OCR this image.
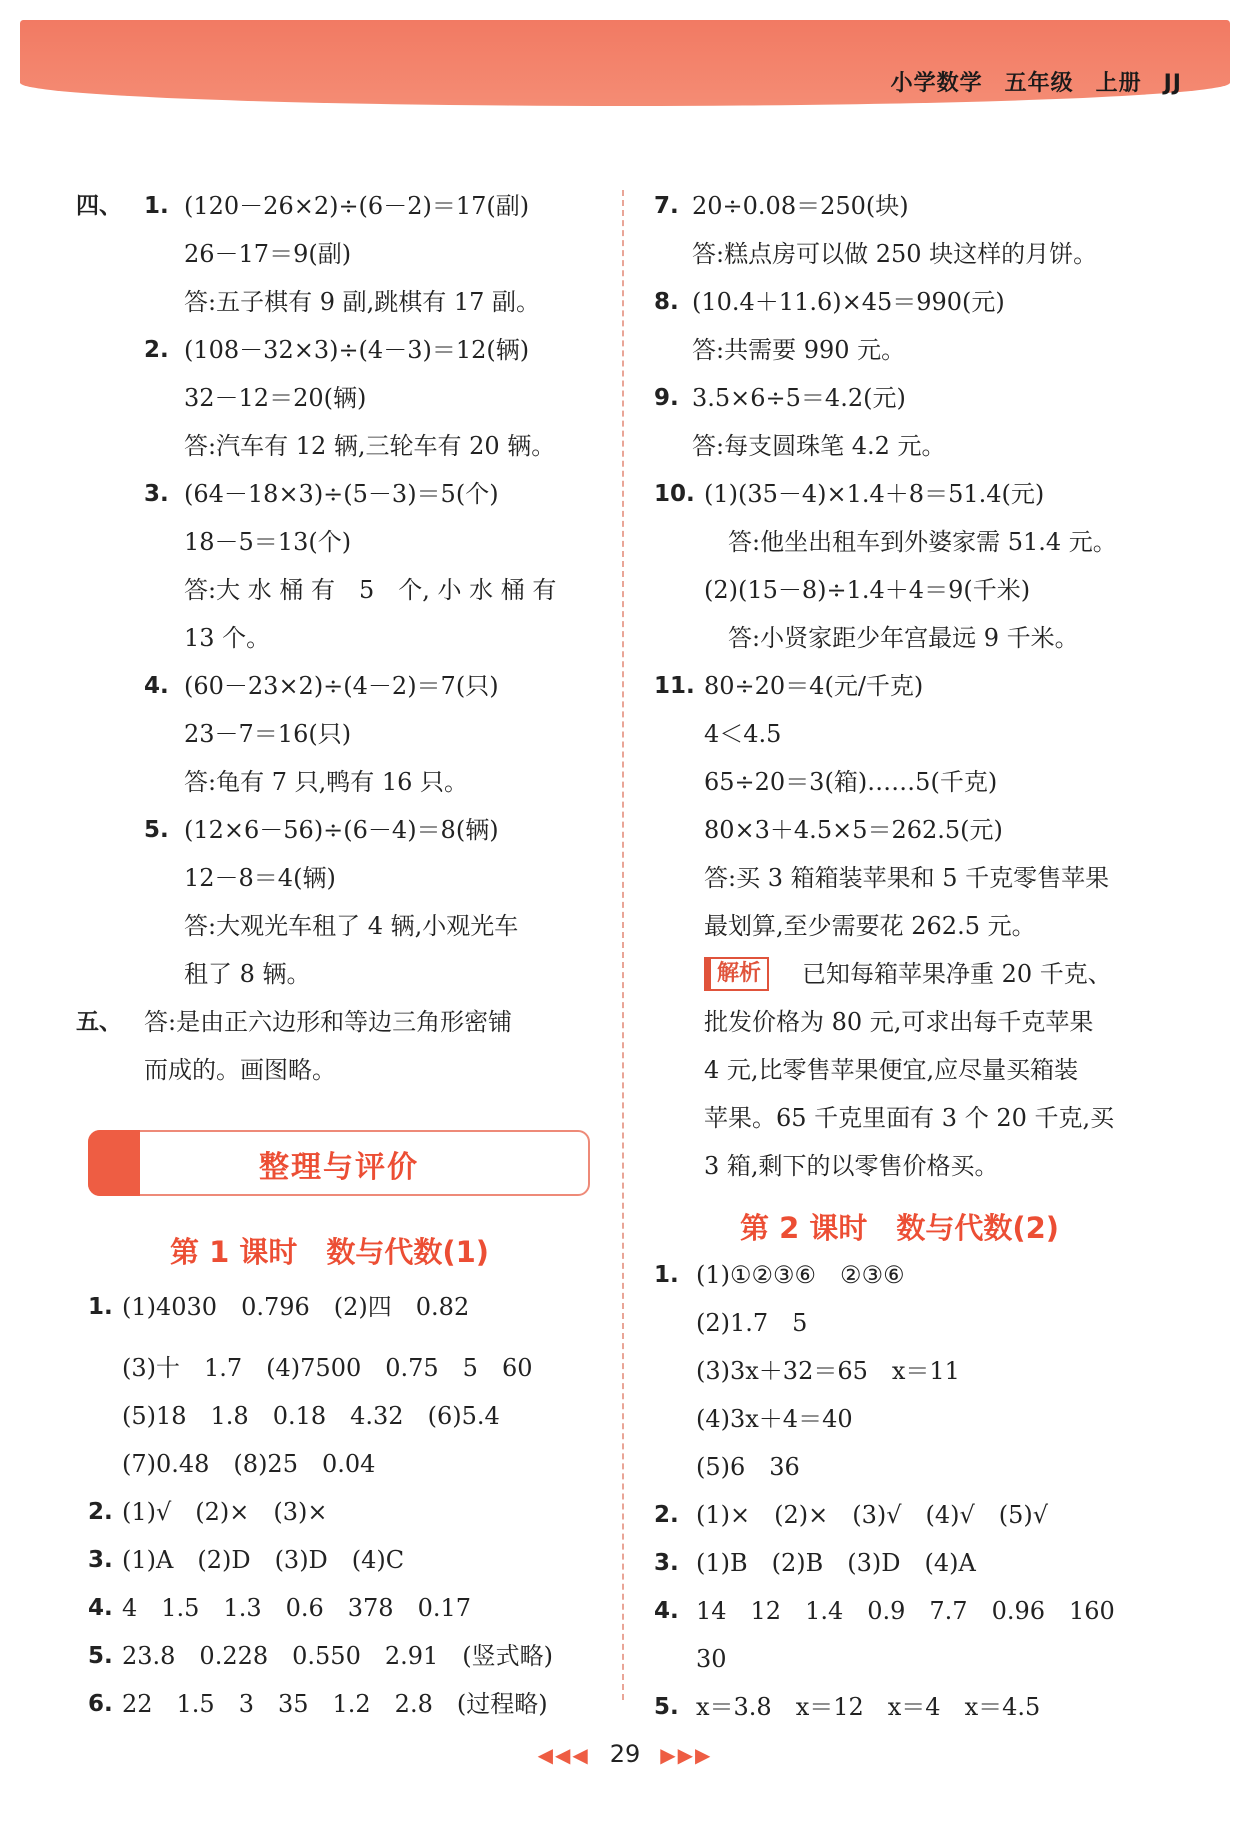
小学数学 五年级 上册 JJ
四、 1. (120－26×2)÷(6－2)＝17(副)
26－17＝9(副)
答:五子棋有 9 副,跳棋有 17 副。
2. (108－32×3)÷(4－3)＝12(辆)
32－12＝20(辆)
答:汽车有 12 辆,三轮车有 20 辆。
3. (64－18×3)÷(5－3)＝5(个)
18－5＝13(个)
答:大 水 桶 有　5　个, 小 水 桶 有
13 个。
4. (60－23×2)÷(4－2)＝7(只)
23－7＝16(只)
答:龟有 7 只,鸭有 16 只。
5. (12×6－56)÷(6－4)＝8(辆)
12－8＝4(辆)
答:大观光车租了 4 辆,小观光车
租了 8 辆。
五、 答:是由正六边形和等边三角形密铺
而成的。画图略。
整理与评价
第 1 课时　数与代数(1)
1. (1)4030　0.796　(2)四　0.82
(3)十　1.7　(4)7500　0.75　5　60
(5)18　1.8　0.18　4.32　(6)5.4
(7)0.48　(8)25　0.04
2. (1)√　(2)×　(3)×
3. (1)A　(2)D　(3)D　(4)C
4. 4　1.5　1.3　0.6　378　0.17
5. 23.8　0.228　0.550　2.91　(竖式略)
6. 22　1.5　3　35　1.2　2.8　(过程略)
7. 20÷0.08＝250(块)
答:糕点房可以做 250 块这样的月饼。
8. (10.4＋11.6)×45＝990(元)
答:共需要 990 元。
9. 3.5×6÷5＝4.2(元)
答:每支圆珠笔 4.2 元。
10. (1)(35－4)×1.4＋8＝51.4(元)
　答:他坐出租车到外婆家需 51.4 元。
(2)(15－8)÷1.4＋4＝9(千米)
　答:小贤家距少年宫最远 9 千米。
11. 80÷20＝4(元/千克)
4＜4.5
65÷20＝3(箱)……5(千克)
80×3＋4.5×5＝262.5(元)
答:买 3 箱箱装苹果和 5 千克零售苹果
最划算,至少需要花 262.5 元。
解析	已知每箱苹果净重 20 千克、
批发价格为 80 元,可求出每千克苹果
4 元,比零售苹果便宜,应尽量买箱装
苹果。65 千克里面有 3 个 20 千克,买
3 箱,剩下的以零售价格买。
第 2 课时　数与代数(2)
1. (1)①②③⑥　②③⑥
(2)1.7　5
(3)3x＋32＝65　x＝11
(4)3x＋4＝40
(5)6　36
2. (1)×　(2)×　(3)√　(4)√　(5)√
3. (1)B　(2)B　(3)D　(4)A
4. 14　12　1.4　0.9　7.7　0.96　160
30
5. x＝3.8　x＝12　x＝4　x＝4.5
◀◀◀ 29 ▶▶▶
